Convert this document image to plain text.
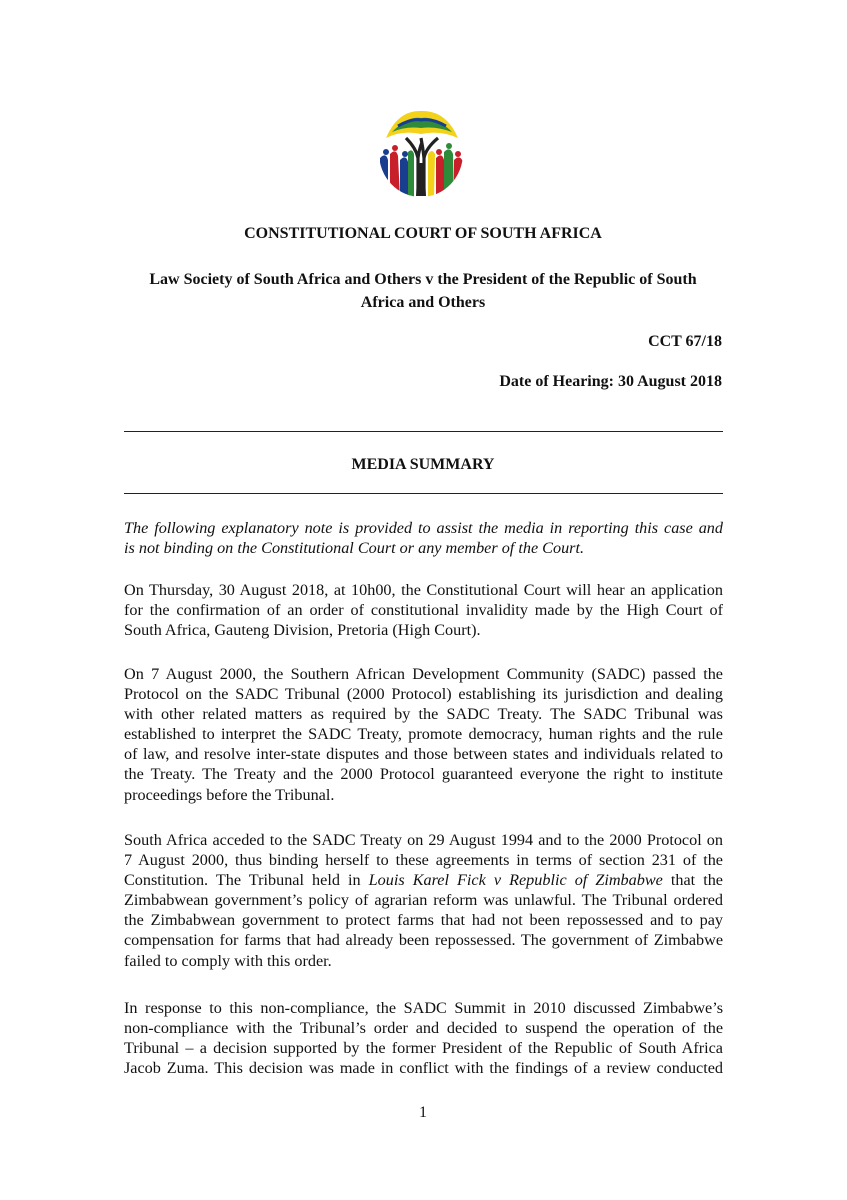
CONSTITUTIONAL COURT OF SOUTH AFRICA
Law Society of South Africa and Others v the President of the Republic of South
Africa and Others
CCT 67/18
Date of Hearing: 30 August 2018
MEDIA SUMMARY
The following explanatory note is provided to assist the media in reporting this case and
is not binding on the Constitutional Court or any member of the Court.
On Thursday, 30 August 2018, at 10h00, the Constitutional Court will hear an application
for the confirmation of an order of constitutional invalidity made by the High Court of
South Africa, Gauteng Division, Pretoria (High Court).
On 7 August 2000, the Southern African Development Community (SADC) passed the
Protocol on the SADC Tribunal (2000 Protocol) establishing its jurisdiction and dealing
with other related matters as required by the SADC Treaty. The SADC Tribunal was
established to interpret the SADC Treaty, promote democracy, human rights and the rule
of law, and resolve inter-state disputes and those between states and individuals related to
the Treaty. The Treaty and the 2000 Protocol guaranteed everyone the right to institute
proceedings before the Tribunal.
South Africa acceded to the SADC Treaty on 29 August 1994 and to the 2000 Protocol on
7 August 2000, thus binding herself to these agreements in terms of section 231 of the
Constitution. The Tribunal held in Louis Karel Fick v Republic of Zimbabwe that the
Zimbabwean government’s policy of agrarian reform was unlawful. The Tribunal ordered
the Zimbabwean government to protect farms that had not been repossessed and to pay
compensation for farms that had already been repossessed. The government of Zimbabwe
failed to comply with this order.
In response to this non-compliance, the SADC Summit in 2010 discussed Zimbabwe’s
non-compliance with the Tribunal’s order and decided to suspend the operation of the
Tribunal – a decision supported by the former President of the Republic of South Africa
Jacob Zuma. This decision was made in conflict with the findings of a review conducted
1
